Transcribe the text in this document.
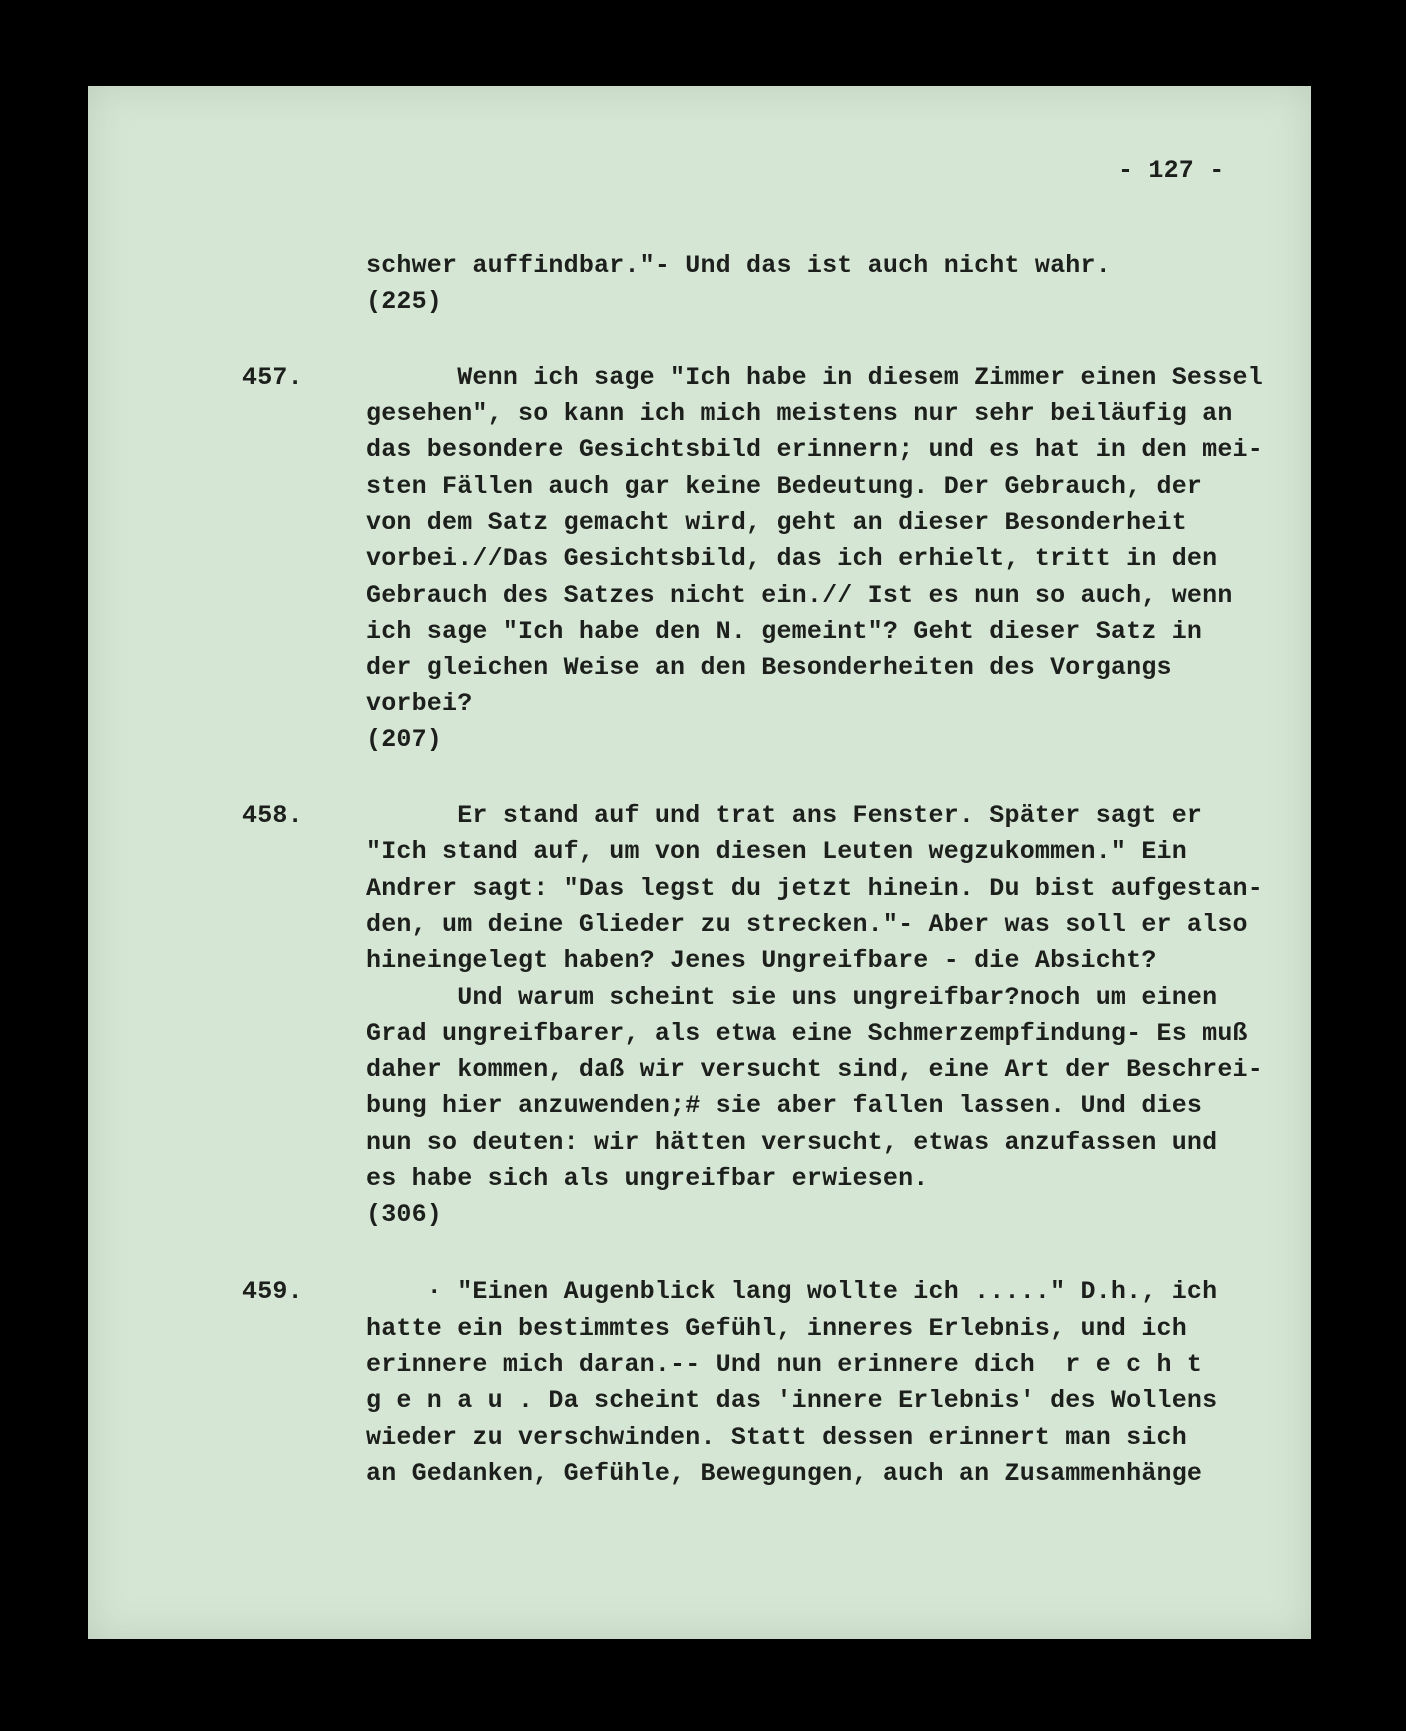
- 127 -

schwer auffindbar."- Und das ist auch nicht wahr.

(225)

457.	Wenn ich sage "Ich habe in diesem Zimmer einen Sessel

gesehen", so kann ich mich meistens nur sehr beiläufig an

das besondere Gesichtsbild erinnern; und es hat in den mei-

sten Fällen auch gar keine Bedeutung. Der Gebrauch, der

von dem Satz gemacht wird, geht an dieser Besonderheit

vorbei.//Das Gesichtsbild, das ich erhielt, tritt in den

Gebrauch des Satzes nicht ein.// Ist es nun so auch, wenn

ich sage "Ich habe den N. gemeint"? Geht dieser Satz in

der gleichen Weise an den Besonderheiten des Vorgangs

vorbei?

(207)

458.	Er stand auf und trat ans Fenster. Später sagt er

"Ich stand auf, um von diesen Leuten wegzukommen." Ein

Andrer sagt: "Das legst du jetzt hinein. Du bist aufgestan-

den, um deine Glieder zu strecken."- Aber was soll er also

hineingelegt haben? Jenes Ungreifbare - die Absicht?

Und warum scheint sie uns ungreifbar?noch um einen

Grad ungreifbarer, als etwa eine Schmerzempfindung- Es muß

daher kommen, daß wir versucht sind, eine Art der Beschrei-

bung hier anzuwenden;# sie aber fallen lassen. Und dies

nun so deuten: wir hätten versucht, etwas anzufassen und

es habe sich als ungreifbar erwiesen.

(306)

459.	· "Einen Augenblick lang wollte ich ....." D.h., ich

hatte ein bestimmtes Gefühl, inneres Erlebnis, und ich

erinnere mich daran.-- Und nun erinnere dich  r e c h t

g e n a u . Da scheint das 'innere Erlebnis' des Wollens

wieder zu verschwinden. Statt dessen erinnert man sich

an Gedanken, Gefühle, Bewegungen, auch an Zusammenhänge
